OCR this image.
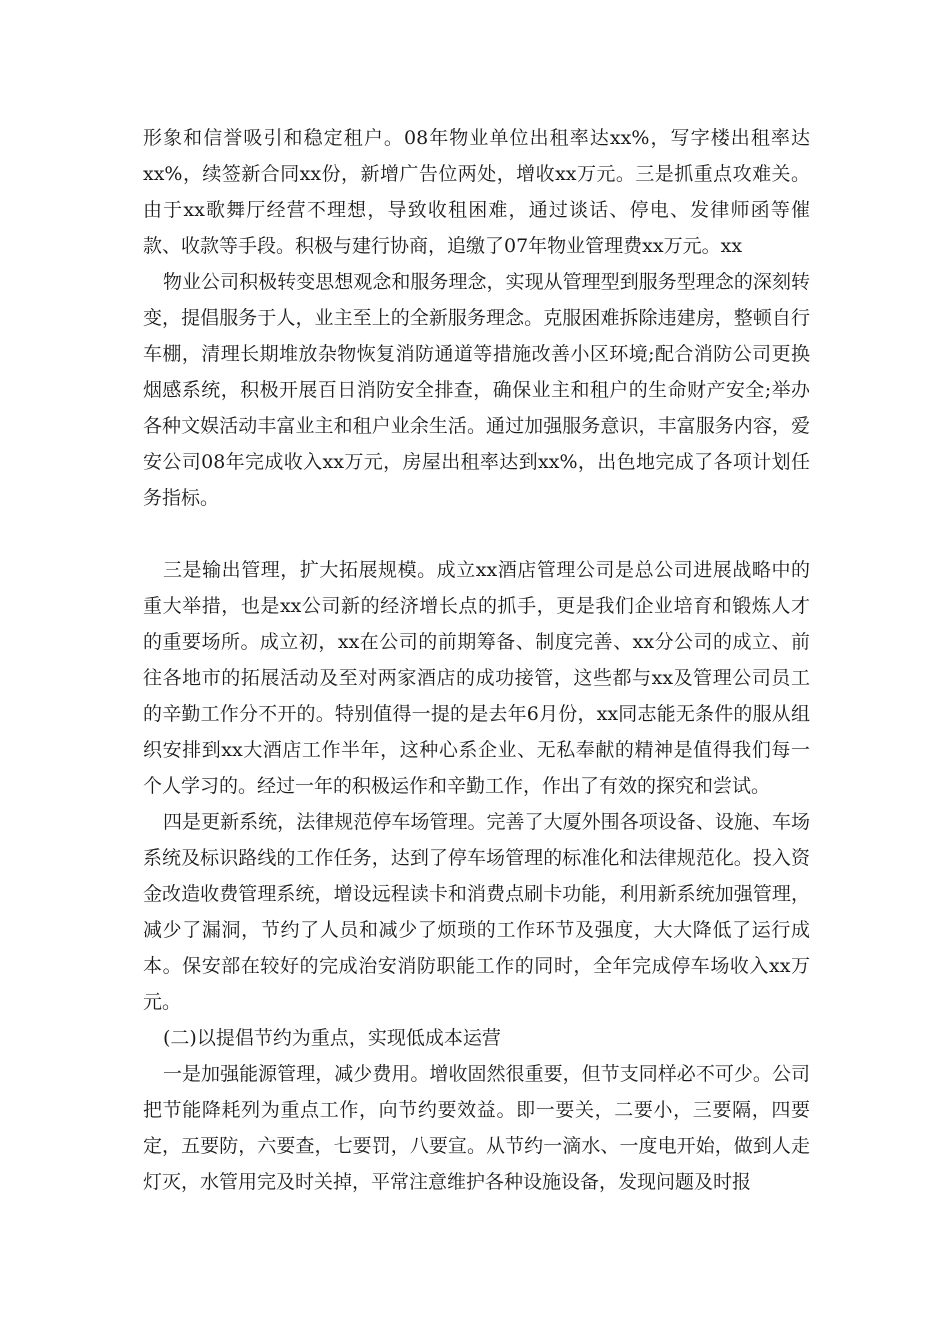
形象和信誉吸引和稳定租户。08年物业单位出租率达xx%，写字楼出租率达xx%，续签新合同xx份，新增广告位两处，增收xx万元。三是抓重点攻难关。由于xx歌舞厅经营不理想，导致收租困难，通过谈话、停电、发律师函等催款、收款等手段。积极与建行协商，追缴了07年物业管理费xx万元。xx

物业公司积极转变思想观念和服务理念，实现从管理型到服务型理念的深刻转变，提倡服务于人，业主至上的全新服务理念。克服困难拆除违建房，整顿自行车棚，清理长期堆放杂物恢复消防通道等措施改善小区环境;配合消防公司更换烟感系统，积极开展百日消防安全排查，确保业主和租户的生命财产安全;举办各种文娱活动丰富业主和租户业余生活。通过加强服务意识，丰富服务内容，爱安公司08年完成收入xx万元，房屋出租率达到xx%，出色地完成了各项计划任务指标。

三是输出管理，扩大拓展规模。成立xx酒店管理公司是总公司进展战略中的重大举措，也是xx公司新的经济增长点的抓手，更是我们企业培育和锻炼人才的重要场所。成立初，xx在公司的前期筹备、制度完善、xx分公司的成立、前往各地市的拓展活动及至对两家酒店的成功接管，这些都与xx及管理公司员工的辛勤工作分不开的。特别值得一提的是去年6月份，xx同志能无条件的服从组织安排到xx大酒店工作半年，这种心系企业、无私奉献的精神是值得我们每一个人学习的。经过一年的积极运作和辛勤工作，作出了有效的探究和尝试。

四是更新系统，法律规范停车场管理。完善了大厦外围各项设备、设施、车场系统及标识路线的工作任务，达到了停车场管理的标准化和法律规范化。投入资金改造收费管理系统，增设远程读卡和消费点刷卡功能，利用新系统加强管理，减少了漏洞，节约了人员和减少了烦琐的工作环节及强度，大大降低了运行成本。保安部在较好的完成治安消防职能工作的同时，全年完成停车场收入xx万元。

(二)以提倡节约为重点，实现低成本运营

一是加强能源管理，减少费用。增收固然很重要，但节支同样必不可少。公司把节能降耗列为重点工作，向节约要效益。即一要关，二要小，三要隔，四要定，五要防，六要查，七要罚，八要宣。从节约一滴水、一度电开始，做到人走灯灭，水管用完及时关掉，平常注意维护各种设施设备，发现问题及时报
